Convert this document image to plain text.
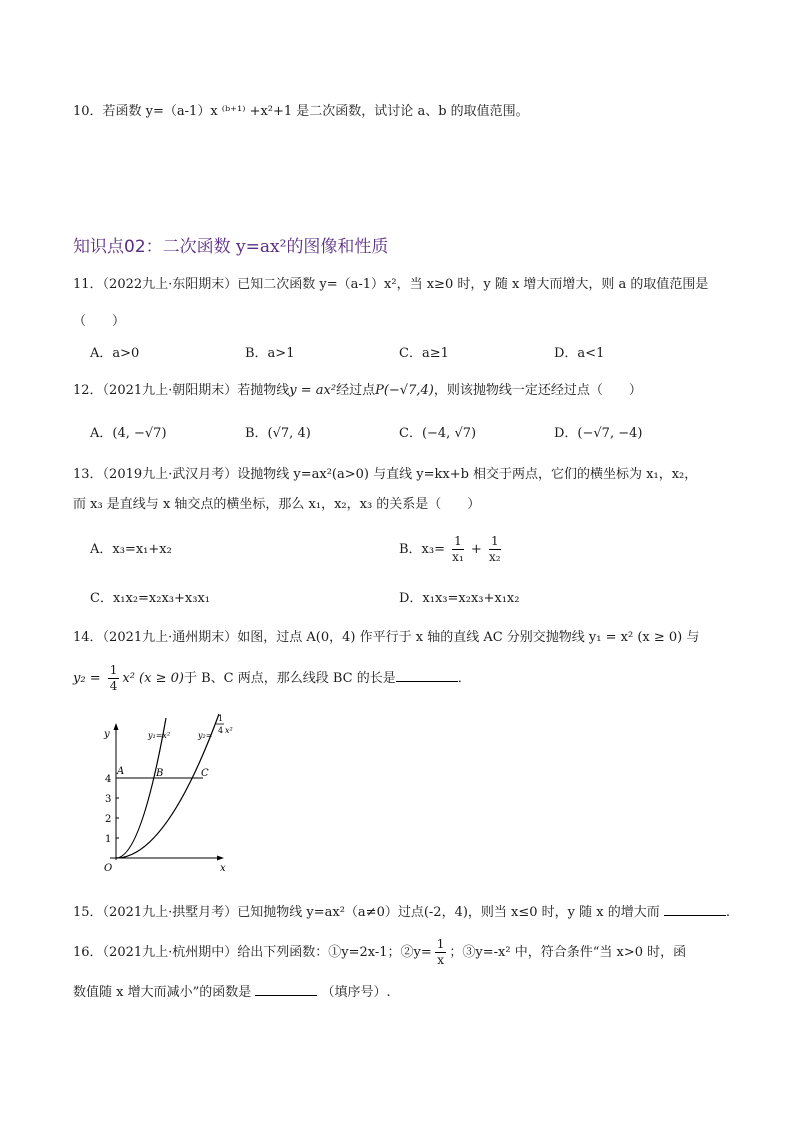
10．若函数 y=（a-1）x ⁽ᵇ⁺¹⁾ +x²+1 是二次函数，试讨论 a、b 的取值范围。
知识点02：二次函数 y=ax²的图像和性质
11．（2022九上·东阳期末）已知二次函数 y=（a-1）x²，当 x≥0 时，y 随 x 增大而增大，则 a 的取值范围是
（　　）
A．a>0	B．a>1	C．a≥1	D．a<1
12．（2021九上·朝阳期末）若抛物线y = ax²经过点P(−√7,4)，则该抛物线一定还经过点（　　）
A．(4, −√7)	B．(√7, 4)	C．(−4, √7)	D．(−√7, −4)
13．（2019九上·武汉月考）设抛物线 y=ax²(a>0) 与直线 y=kx+b 相交于两点，它们的横坐标为 x₁，x₂，
而 x₃ 是直线与 x 轴交点的横坐标，那么 x₁，x₂，x₃ 的关系是（　　）
A．x₃=x₁+x₂	B．$x_3= \frac{1}{\text{x₁}} + \frac{1}{\text{x₂}}$
C．x₁x₂=x₂x₃+x₃x₁	D．x₁x₃=x₂x₃+x₁x₂
14．（2021九上·通州期末）如图，过点 A(0，4) 作平行于 x 轴的直线 AC 分别交抛物线 y₁ = x² (x ≥ 0) 与
$y_2 = \frac{1}{4} x^2$ (x ≥ 0)于 B、C 两点，那么线段 BC 的长是	．
y
x
O
1
2
3
4
A	B	C
y₁=x²	y₂=
1
4 x²
15．（2021九上·拱墅月考）已知抛物线 y=ax²（a≠0）过点(-2，4)，则当 x≤0 时，y 随 x 的增大而	.
16．（2021九上·杭州期中）给出下列函数：①y=2x-1；②y= $\frac{1}{x}$ ；③y=-x² 中，符合条件“当 x>0 时，函
数值随 x 增大而减小”的函数是	（填序号）.
